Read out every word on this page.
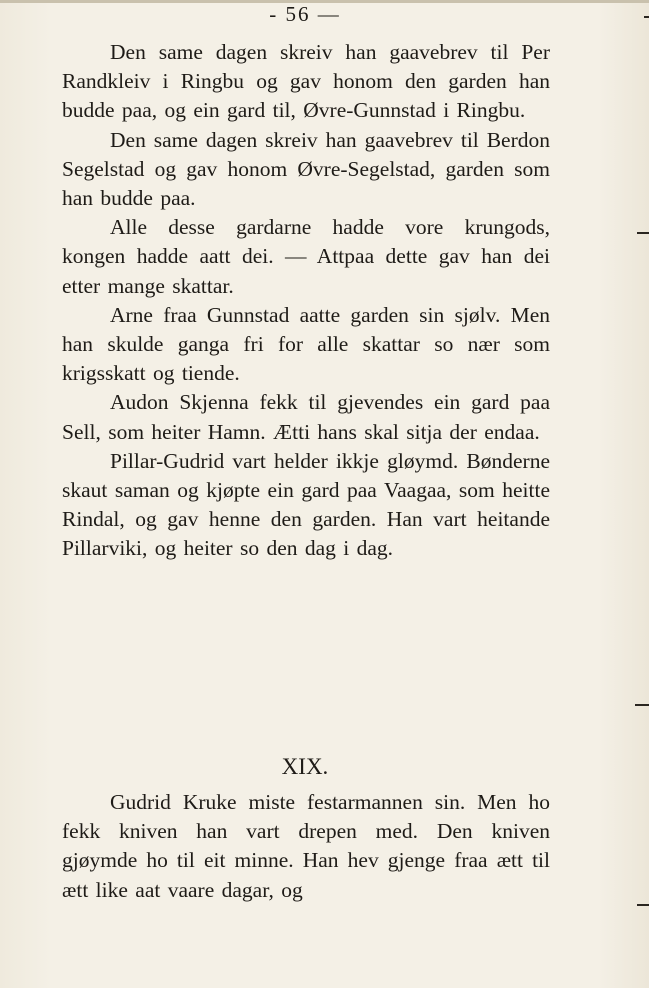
- 56 —

Den same dagen skreiv han gaavebrev til Per Randkleiv i Ringbu og gav honom den garden han budde paa, og ein gard til, Øvre-Gunnstad i Ringbu.

Den same dagen skreiv han gaavebrev til Berdon Segelstad og gav honom Øvre-Segelstad, garden som han budde paa.

Alle desse gardarne hadde vore krungods, kongen hadde aatt dei. — Attpaa dette gav han dei etter mange skattar.

Arne fraa Gunnstad aatte garden sin sjølv. Men han skulde ganga fri for alle skattar so nær som krigsskatt og tiende.

Audon Skjenna fekk til gjevendes ein gard paa Sell, som heiter Hamn. Ætti hans skal sitja der endaa.

Pillar-Gudrid vart helder ikkje gløymd. Bønderne skaut saman og kjøpte ein gard paa Vaagaa, som heitte Rindal, og gav henne den garden. Han vart heitande Pillarviki, og heiter so den dag i dag.

XIX.

Gudrid Kruke miste festarmannen sin. Men ho fekk kniven han vart drepen med. Den kniven gjøymde ho til eit minne. Han hev gjenge fraa ætt til ætt like aat vaare dagar, og
